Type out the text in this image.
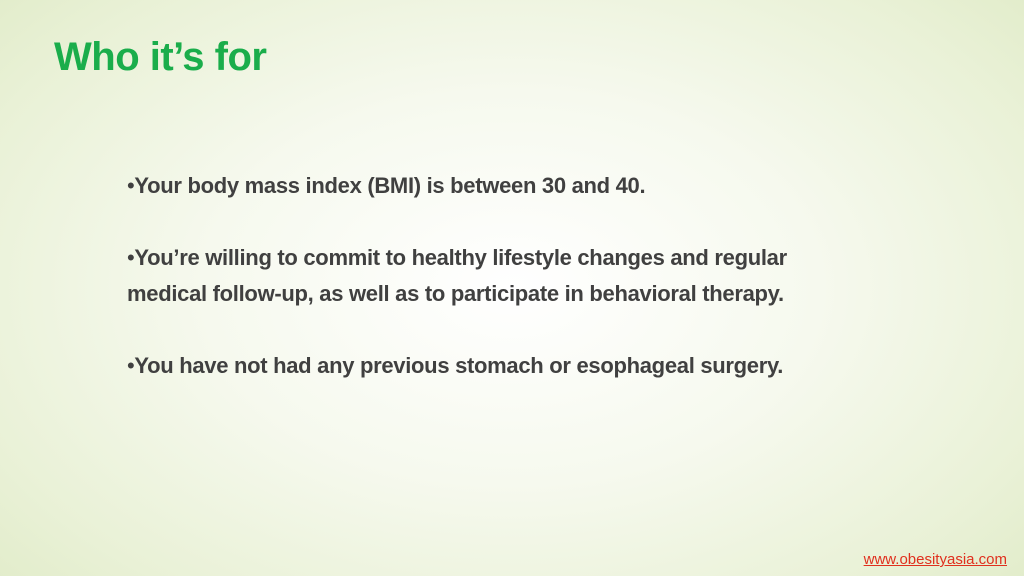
Who it’s for
•Your body mass index (BMI) is between 30 and 40.
•You’re willing to commit to healthy lifestyle changes and regular medical follow-up, as well as to participate in behavioral therapy.
•You have not had any previous stomach or esophageal surgery.
www.obesityasia.com
